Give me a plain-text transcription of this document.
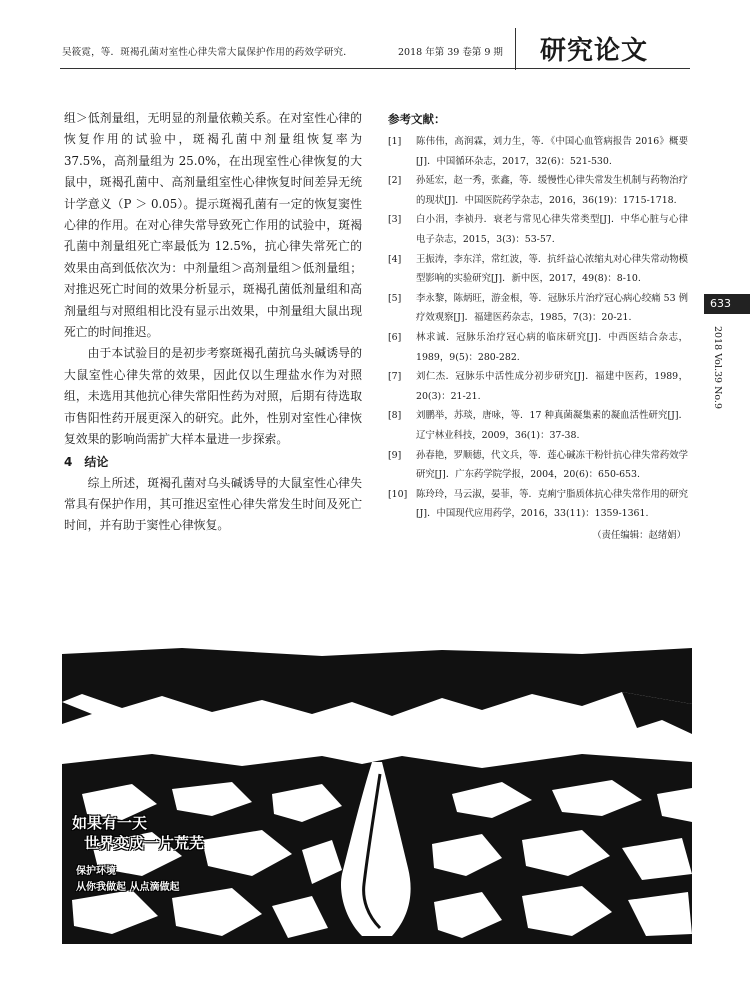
吴筱霓，等．斑褐孔菌对室性心律失常大鼠保护作用的药效学研究．	2018 年第 39 卷第 9 期 研究论文

组＞低剂量组，无明显的剂量依赖关系。在对室性心律的恢复作用的试验中，斑褐孔菌中剂量组恢复率为 37.5%，高剂量组为 25.0%，在出现室性心律恢复的大鼠中，斑褐孔菌中、高剂量组室性心律恢复时间差异无统计学意义（P ＞ 0.05）。提示斑褐孔菌有一定的恢复窦性心律的作用。在对心律失常导致死亡作用的试验中，斑褐孔菌中剂量组死亡率最低为 12.5%，抗心律失常死亡的效果由高到低依次为：中剂量组＞高剂量组＞低剂量组；对推迟死亡时间的效果分析显示，斑褐孔菌低剂量组和高剂量组与对照组相比没有显示出效果，中剂量组大鼠出现死亡的时间推迟。

由于本试验目的是初步考察斑褐孔菌抗乌头碱诱导的大鼠室性心律失常的效果，因此仅以生理盐水作为对照组，未选用其他抗心律失常阳性药为对照，后期有待选取市售阳性药开展更深入的研究。此外，性别对室性心律恢复效果的影响尚需扩大样本量进一步探索。

4　结论

综上所述，斑褐孔菌对乌头碱诱导的大鼠室性心律失常具有保护作用，其可推迟室性心律失常发生时间及死亡时间，并有助于窦性心律恢复。

参考文献：
[1]	陈伟伟，高润霖，刘力生，等．《中国心血管病报告 2016》概要[J]．中国循环杂志，2017，32(6)：521-530.
[2]	孙延宏，赵一秀，张鑫，等．缓慢性心律失常发生机制与药物治疗的现状[J]．中国医院药学杂志，2016，36(19)：1715-1718.
[3]	白小涓，李祯丹．衰老与常见心律失常类型[J]．中华心脏与心律电子杂志，2015，3(3)：53-57.
[4]	王振涛，李东洋，常红波，等．抗纤益心浓缩丸对心律失常动物模型影响的实验研究[J]．新中医，2017，49(8)：8-10.
[5]	李永黎，陈炳旺，游金根，等．冠脉乐片治疗冠心病心绞痛 53 例疗效观察[J]．福建医药杂志，1985，7(3)：20-21.
[6]	林求诚．冠脉乐治疗冠心病的临床研究[J]．中西医结合杂志，1989，9(5)：280-282.
[7]	刘仁杰．冠脉乐中活性成分初步研究[J]．福建中医药，1989，20(3)：21-21.
[8]	刘鹏举，苏琰，唐咏，等．17 种真菌凝集素的凝血活性研究[J]．辽宁林业科技，2009，36(1)：37-38.
[9]	孙春艳，罗顺德，代文兵，等．莲心碱冻干粉针抗心律失常药效学研究[J]．广东药学院学报，2004，20(6)：650-653.
[10] 陈玲玲，马云淑，晏菲，等．克痢宁脂质体抗心律失常作用的研究[J]．中国现代应用药学，2016，33(11)：1359-1361.
（责任编辑：赵绪娟）
633
2018 Vol.39 No.9
如果有一天
世界变成一片荒芜
保护环境
从你我做起 从点滴做起
